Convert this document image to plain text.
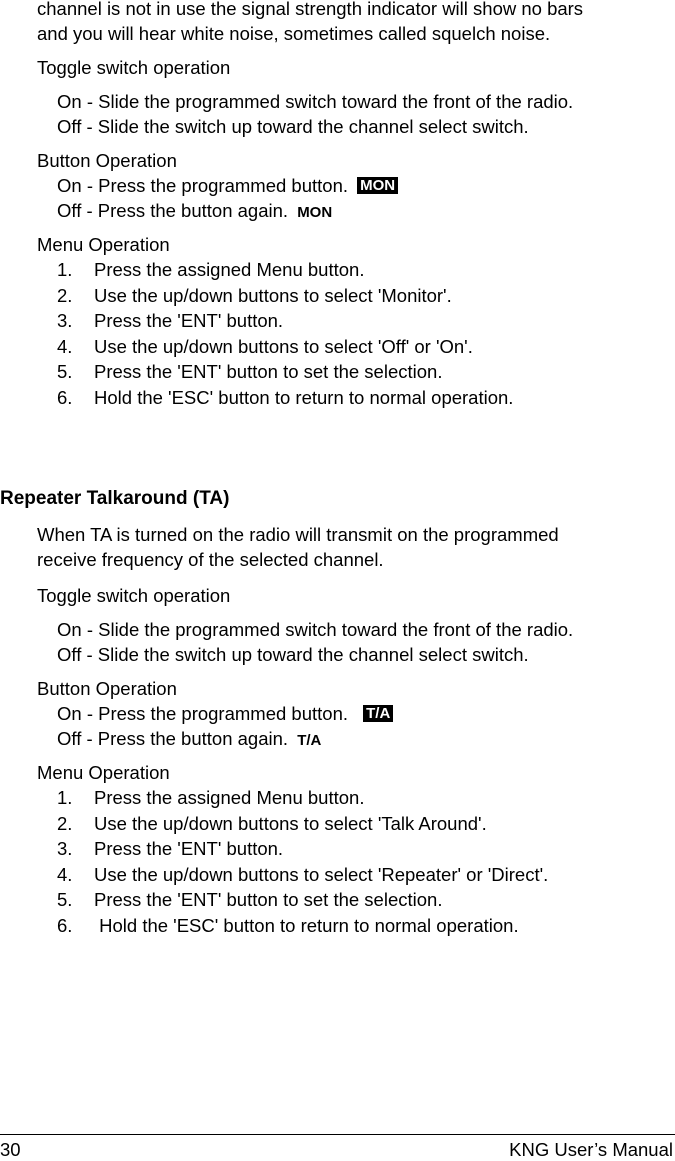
channel is not in use the signal strength indicator will show no bars
and you will hear white noise, sometimes called squelch noise.
Toggle switch operation
On - Slide the programmed switch toward the front of the radio.
Off - Slide the switch up toward the channel select switch.
Button Operation
On - Press the programmed button. MON
Off - Press the button again. MON
Menu Operation
1. Press the assigned Menu button.
2. Use the up/down buttons to select 'Monitor'.
3. Press the 'ENT' button.
4. Use the up/down buttons to select 'Off' or 'On'.
5. Press the 'ENT' button to set the selection.
6. Hold the 'ESC' button to return to normal operation.
Repeater Talkaround (TA)
When TA is turned on the radio will transmit on the programmed
receive frequency of the selected channel.
Toggle switch operation
On - Slide the programmed switch toward the front of the radio.
Off - Slide the switch up toward the channel select switch.
Button Operation
On - Press the programmed button. T/A
Off - Press the button again. T/A
Menu Operation
1. Press the assigned Menu button.
2. Use the up/down buttons to select 'Talk Around'.
3. Press the 'ENT' button.
4. Use the up/down buttons to select 'Repeater' or 'Direct'.
5. Press the 'ENT' button to set the selection.
6. Hold the 'ESC' button to return to normal operation.
30	KNG User’s Manual
